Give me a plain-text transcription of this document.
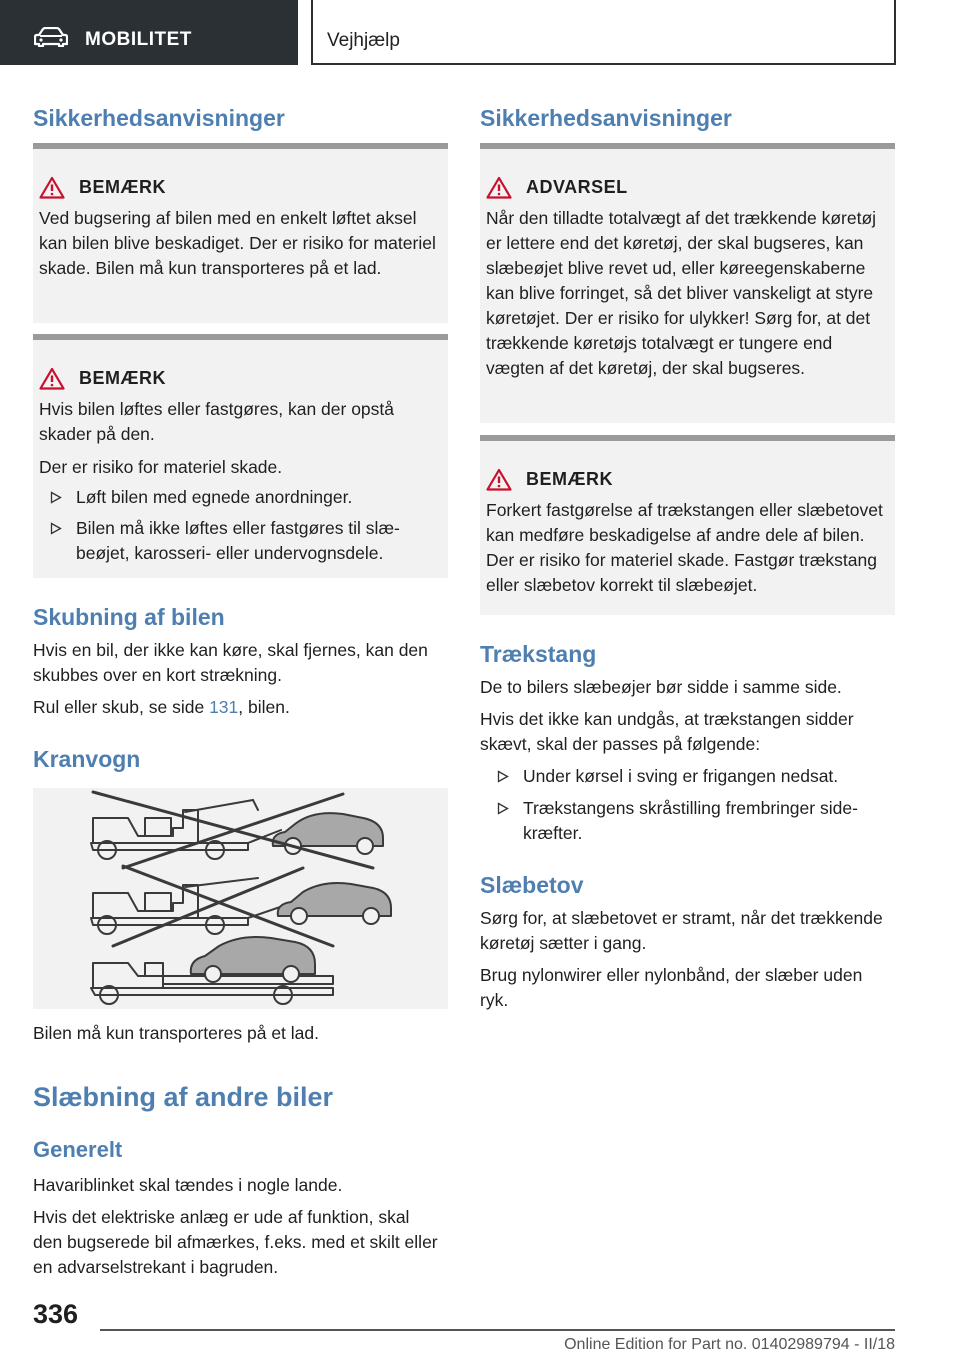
MOBILITET	Vejhjælp
Sikkerhedsanvisninger
BEMÆRK
Ved bugsering af bilen med en enkelt løftet aksel kan bilen blive beskadiget. Der er risiko for materiel skade. Bilen må kun transporteres på et lad.
BEMÆRK
Hvis bilen løftes eller fastgøres, kan der opstå skader på den.
Der er risiko for materiel skade.
Løft bilen med egnede anordninger.
Bilen må ikke løftes eller fastgøres til slæbeøjet, karosseri- eller undervognsdele.
Skubning af bilen
Hvis en bil, der ikke kan køre, skal fjernes, kan den skubbes over en kort strækning.
Rul eller skub, se side 131, bilen.
Kranvogn
Bilen må kun transporteres på et lad.
Slæbning af andre biler
Generelt
Havariblinket skal tændes i nogle lande.
Hvis det elektriske anlæg er ude af funktion, skal den bugserede bil afmærkes, f.eks. med et skilt eller en advarselstrekant i bagruden.
Sikkerhedsanvisninger
ADVARSEL
Når den tilladte totalvægt af det trækkende køretøj er lettere end det køretøj, der skal bugseres, kan slæbeøjet blive revet ud, eller køreegenskaberne kan blive forringet, så det bliver vanskeligt at styre køretøjet. Der er risiko for ulykker! Sørg for, at det trækkende køretøjs totalvægt er tungere end vægten af det køretøj, der skal bugseres.
BEMÆRK
Forkert fastgørelse af trækstangen eller slæbetovet kan medføre beskadigelse af andre dele af bilen. Der er risiko for materiel skade. Fastgør trækstang eller slæbetov korrekt til slæbeøjet.
Trækstang
De to bilers slæbeøjer bør sidde i samme side.
Hvis det ikke kan undgås, at trækstangen sidder skævt, skal der passes på følgende:
Under kørsel i sving er frigangen nedsat.
Trækstangens skråstilling frembringer sidekræfter.
Slæbetov
Sørg for, at slæbetovet er stramt, når det trækkende køretøj sætter i gang.
Brug nylonwirer eller nylonbånd, der slæber uden ryk.
336
Online Edition for Part no. 01402989794 - II/18
